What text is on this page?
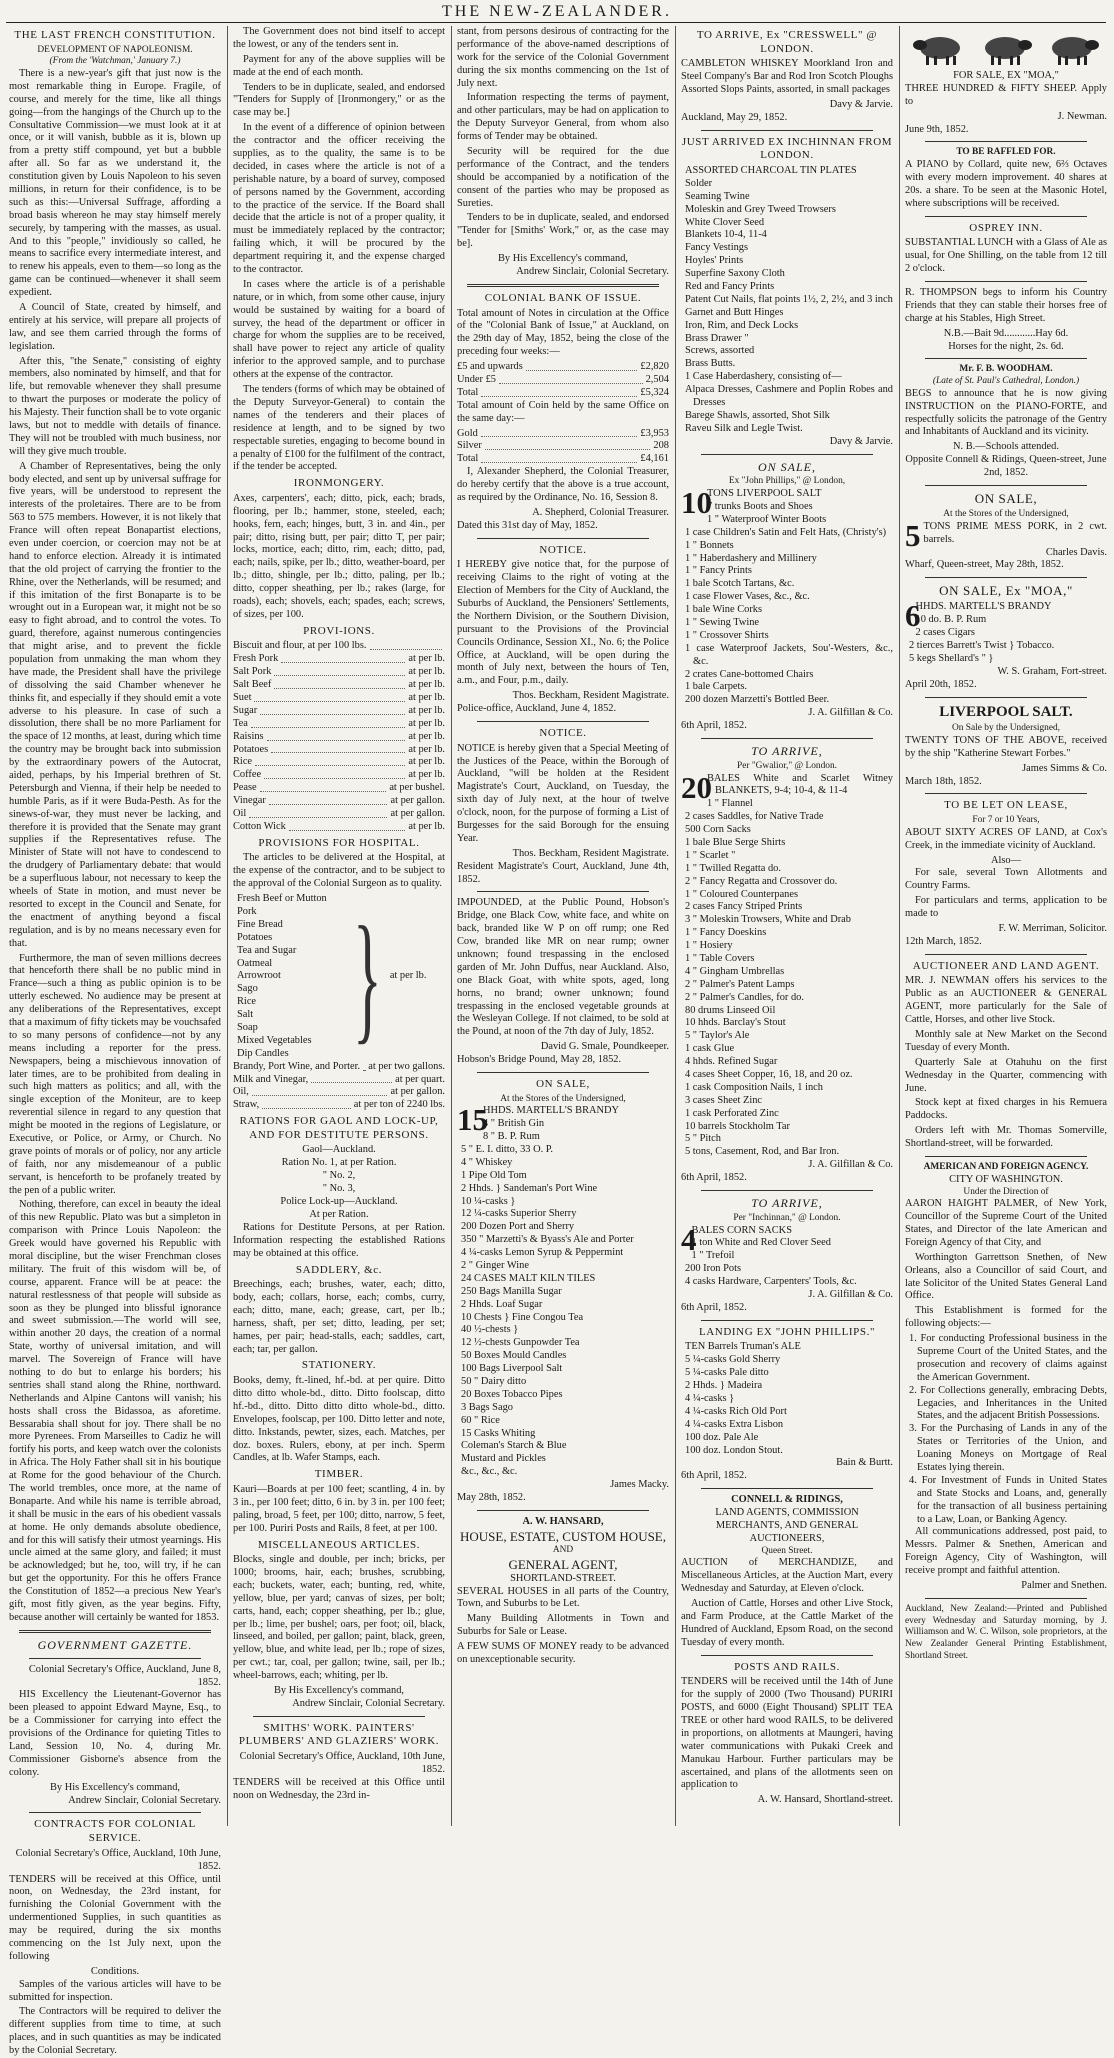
THE NEW-ZEALANDER.
THE LAST FRENCH CONSTITUTION.
DEVELOPMENT OF NAPOLEONISM.
(From the 'Watchman,' January 7.)

There is a new-year's gift that just now is the most remarkable thing in Europe. Fragile, of course, and merely for the time, like all things going—from the hangings of the Church up to the Consultative Commission—we must look at it at once, or it will vanish, bubble as it is, blown up from a pretty stiff compound, yet but a bubble after all. So far as we understand it, the constitution given by Louis Napoleon to his seven millions, in return for their confidence, is to be such as this:—Universal Suffrage, affording a broad basis whereon he may stay himself merely securely, by tampering with the masses, as usual. And to this "people," invidiously so called, he means to sacrifice every intermediate interest, and to renew his appeals, even to them—so long as the game can be continued—whenever it shall seem expedient.

A Council of State, created by himself, and entirely at his service, will prepare all projects of law, and see them carried through the forms of legislation.

After this, "the Senate," consisting of eighty members, also nominated by himself, and that for life, but removable whenever they shall presume to thwart the purposes or moderate the policy of his Majesty. Their function shall be to vote organic laws, but not to meddle with details of finance. They will not be troubled with much business, nor will they give much trouble.

A Chamber of Representatives, being the only body elected, and sent up by universal suffrage for five years, will be understood to represent the interests of the proletaires. There are to be from 563 to 575 members. However, it is not likely that France will often repeat Bonapartist elections, even under coercion, or coercion may not be at hand to enforce election. Already it is intimated that the old project of carrying the frontier to the Rhine, over the Netherlands, will be resumed; and if this imitation of the first Bonaparte is to be wrought out in a European war, it might not be so easy to fight abroad, and to control the votes. To guard, therefore, against numerous contingencies that might arise, and to prevent the fickle population from unmaking the man whom they have made, the President shall have the privilege of dissolving the said Chamber whenever he thinks fit, and especially if they should emit a vote adverse to his pleasure. In case of such a dissolution, there shall be no more Parliament for the space of 12 months, at least, during which time the country may be brought back into submission by the extraordinary powers of the Autocrat, aided, perhaps, by his Imperial brethren of St. Petersburgh and Vienna, if their help be needed to humble Paris, as if it were Buda-Pesth. As for the sinews-of-war, they must never be lacking, and therefore it is provided that the Senate may grant supplies if the Representatives refuse. The Minister of State will not have to condescend to the drudgery of Parliamentary debate: that would be a superfluous labour, not necessary to keep the wheels of State in motion, and must never be resorted to except in the Council and Senate, for the enactment of anything beyond a fiscal regulation, and is by no means necessary even for that.

Furthermore, the man of seven millions decrees that henceforth there shall be no public mind in France—such a thing as public opinion is to be utterly eschewed. No audience may be present at any deliberations of the Representatives, except that a maximum of fifty tickets may be vouchsafed to so many persons of confidence—not by any means including a reporter for the press. Newspapers, being a mischievous innovation of later times, are to be prohibited from dealing in such high matters as politics; and all, with the single exception of the Moniteur, are to keep reverential silence in regard to any question that might be mooted in the regions of Legislature, or Executive, or Police, or Army, or Church. No grave points of morals or of policy, nor any article of faith, nor any misdemeanour of a public servant, is henceforth to be profanely treated by the pen of a public writer.

Nothing, therefore, can excel in beauty the ideal of this new Republic. Plato was but a simpleton in comparison with Prince Louis Napoleon: the Greek would have governed his Republic with moral discipline, but the wiser Frenchman closes military. The fruit of this wisdom will be, of course, apparent. France will be at peace: the natural restlessness of that people will subside as soon as they be plunged into blissful ignorance and sweet submission.—The world will see, within another 20 days, the creation of a normal State, worthy of universal imitation, and will marvel. The Sovereign of France will have nothing to do but to enlarge his borders; his sentries shall stand along the Rhine, northward. Netherlands and Alpine Cantons will vanish; his hosts shall cross the Bidassoa, as aforetime. Bessarabia shall shout for joy. There shall be no more Pyrenees. From Marseilles to Cadiz he will fortify his ports, and keep watch over the colonists in Africa. The Holy Father shall sit in his boutique at Rome for the good behaviour of the Church. The world trembles, once more, at the name of Bonaparte. And while his name is terrible abroad, it shall be music in the ears of his obedient vassals at home. He only demands absolute obedience, and for this will satisfy their utmost yearnings. His uncle aimed at the same glory, and failed; it must be acknowledged; but he, too, will try, if he can but get the opportunity. For this he offers France the Constitution of 1852—a precious New Year's gift, most fitly given, as the year begins. Fifty, because another will certainly be wanted for 1853.

GOVERNMENT GAZETTE.
Colonial Secretary's Office, Auckland, June 8, 1852.

HIS Excellency the Lieutenant-Governor has been pleased to appoint Edward Mayne, Esq., to be a Commissioner for carrying into effect the provisions of the Ordinance for quieting Titles to Land, Session 10, No. 4, during Mr. Commissioner Gisborne's absence from the colony.

By His Excellency's command,
Andrew Sinclair, Colonial Secretary.
CONTRACTS FOR COLONIAL SERVICE.
Colonial Secretary's Office, Auckland, 10th June, 1852.

TENDERS will be received at this Office, until noon, on Wednesday, the 23rd instant, for furnishing the Colonial Government with the undermentioned Supplies, in such quantities as may be required, during the six months commencing on the 1st July next, upon the following

Conditions.

Samples of the various articles will have to be submitted for inspection.

The Contractors will be required to deliver the different supplies from time to time, at such places, and in such quantities as may be indicated by the Colonial Secretary.

The Government does not bind itself to accept the lowest, or any of the tenders sent in.

Payment for any of the above supplies will be made at the end of each month.

Tenders to be in duplicate, sealed, and endorsed "Tenders for Supply of [Ironmongery," or as the case may be.]

In the event of a difference of opinion between the contractor and the officer receiving the supplies, as to the quality, the same is to be decided, in cases where the article is not of a perishable nature, by a board of survey, composed of persons named by the Government, according to the practice of the service. If the Board shall decide that the article is not of a proper quality, it must be immediately replaced by the contractor; failing which, it will be procured by the department requiring it, and the expense charged to the contractor.

In cases where the article is of a perishable nature, or in which, from some other cause, injury would be sustained by waiting for a board of survey, the head of the department or officer in charge for whom the supplies are to be received, shall have power to reject any article of quality inferior to the approved sample, and to purchase others at the expense of the contractor.

The tenders (forms of which may be obtained of the Deputy Surveyor-General) to contain the names of the tenderers and their places of residence at length, and to be signed by two respectable sureties, engaging to become bound in a penalty of £100 for the fulfilment of the contract, if the tender be accepted.

IRONMONGERY.

Axes, carpenters', each; ditto, pick, each; brads, flooring, per lb.; hammer, stone, steeled, each; hooks, fern, each; hinges, butt, 3 in. and 4in., per pair; ditto, rising butt, per pair; ditto T, per pair; locks, mortice, each; ditto, rim, each; ditto, pad, each; nails, spike, per lb.; ditto, weather-board, per lb.; ditto, shingle, per lb.; ditto, paling, per lb.; ditto, copper sheathing, per lb.; rakes (large, for roads), each; shovels, each; spades, each; screws, of sizes, per 100.

PROVI-IONS.
Biscuit and flour, at per 100 lbs.
Fresh Pork	at per lb.
Salt Pork	at per lb.
Salt Beef	at per lb.
Suet	at per lb.
Sugar	at per lb.
Tea	at per lb.
Raisins	at per lb.
Potatoes	at per lb.
Rice	at per lb.
Coffee	at per lb.
Pease	at per bushel.
Vinegar	at per gallon.
Oil	at per gallon.
Cotton Wick	at per lb.
PROVISIONS FOR HOSPITAL.

The articles to be delivered at the Hospital, at the expense of the contractor, and to be subject to the approval of the Colonial Surgeon as to quality.

Fresh Beef or Mutton
Pork
Fine Bread
Potatoes
Tea and Sugar
Oatmeal
Arrowroot
Sago
Rice
Salt
Soap
Mixed Vegetables
Dip Candles	} at per lb.
Brandy, Port Wine, and Porter. at per two gallons.
Milk and Vinegar,	at per quart.
Oil,	at per gallon.
Straw,	at per ton of 2240 lbs.
RATIONS FOR GAOL AND LOCK-UP, AND FOR DESTITUTE PERSONS.
Gaol—Auckland.
Ration No. 1, at per Ration.
" No. 2,
" No. 3,
Police Lock-up—Auckland.
At per Ration.

Rations for Destitute Persons, at per Ration. Information respecting the established Rations may be obtained at this office.

SADDLERY, &c.

Breechings, each; brushes, water, each; ditto, body, each; collars, horse, each; combs, curry, each; ditto, mane, each; grease, cart, per lb.; harness, shaft, per set; ditto, leading, per set; hames, per pair; head-stalls, each; saddles, cart, each; tar, per gallon.

STATIONERY.

Books, demy, ft.-lined, hf.-bd. at per quire. Ditto ditto ditto whole-bd., ditto. Ditto foolscap, ditto hf.-bd., ditto. Ditto ditto ditto whole-bd., ditto. Envelopes, foolscap, per 100. Ditto letter and note, ditto. Inkstands, pewter, sizes, each. Matches, per doz. boxes. Rulers, ebony, at per inch. Sperm Candles, at lb. Wafer Stamps, each.

TIMBER.

Kauri—Boards at per 100 feet; scantling, 4 in. by 3 in., per 100 feet; ditto, 6 in. by 3 in. per 100 feet; paling, broad, 5 feet, per 100; ditto, narrow, 5 feet, per 100. Puriri Posts and Rails, 8 feet, at per 100.

MISCELLANEOUS ARTICLES.

Blocks, single and double, per inch; bricks, per 1000; brooms, hair, each; brushes, scrubbing, each; buckets, water, each; bunting, red, white, yellow, blue, per yard; canvas of sizes, per bolt; carts, hand, each; copper sheathing, per lb.; glue, per lb.; lime, per bushel; oars, per foot; oil, black, linseed, and boiled, per gallon; paint, black, green, yellow, blue, and white lead, per lb.; rope of sizes, per cwt.; tar, coal, per gallon; twine, sail, per lb.; wheel-barrows, each; whiting, per lb.

By His Excellency's command,
Andrew Sinclair, Colonial Secretary.
SMITHS' WORK. PAINTERS' PLUMBERS' AND GLAZIERS' WORK.
Colonial Secretary's Office, Auckland, 10th June, 1852.

TENDERS will be received at this Office until noon on Wednesday, the 23rd in-

stant, from persons desirous of contracting for the performance of the above-named descriptions of work for the service of the Colonial Government during the six months commencing on the 1st of July next.

Information respecting the terms of payment, and other particulars, may be had on application to the Deputy Surveyor General, from whom also forms of Tender may be obtained.

Security will be required for the due performance of the Contract, and the tenders should be accompanied by a notification of the consent of the parties who may be proposed as Sureties.

Tenders to be in duplicate, sealed, and endorsed "Tender for [Smiths' Work," or, as the case may be].

By His Excellency's command,
Andrew Sinclair, Colonial Secretary.
COLONIAL BANK OF ISSUE.

Total amount of Notes in circulation at the Office of the "Colonial Bank of Issue," at Auckland, on the 29th day of May, 1852, being the close of the preceding four weeks:—

£5 and upwards	£2,820
Under £5	2,504
Total	£5,324

Total amount of Coin held by the same Office on the same day:—

Gold	£3,953
Silver	208
Total	£4,161

I, Alexander Shepherd, the Colonial Treasurer, do hereby certify that the above is a true account, as required by the Ordinance, No. 16, Session 8.

A. Shepherd, Colonial Treasurer.
Dated this 31st day of May, 1852.
NOTICE.

I HEREBY give notice that, for the purpose of receiving Claims to the right of voting at the Election of Members for the City of Auckland, the Suburbs of Auckland, the Pensioners' Settlements, the Northern Division, or the Southern Division, pursuant to the Provisions of the Provincial Councils Ordinance, Session XI., No. 6; the Police Office, at Auckland, will be open during the month of July next, between the hours of Ten, a.m., and Four, p.m., daily.

Thos. Beckham, Resident Magistrate.
Police-office, Auckland, June 4, 1852.
NOTICE.

NOTICE is hereby given that a Special Meeting of the Justices of the Peace, within the Borough of Auckland, "will be holden at the Resident Magistrate's Court, Auckland, on Tuesday, the sixth day of July next, at the hour of twelve o'clock, noon, for the purpose of forming a List of Burgesses for the said Borough for the ensuing Year.

Thos. Beckham, Resident Magistrate.
Resident Magistrate's Court, Auckland, June 4th, 1852.

IMPOUNDED, at the Public Pound, Hobson's Bridge, one Black Cow, white face, and white on back, branded like W P on off rump; one Red Cow, branded like MR on near rump; owner unknown; found trespassing in the enclosed garden of Mr. John Duffus, near Auckland. Also, one Black Goat, with white spots, aged, long horns, no brand; owner unknown; found trespassing in the enclosed vegetable grounds at the Wesleyan College. If not claimed, to be sold at the Pound, at noon of the 7th day of July, 1852.

David G. Smale, Poundkeeper.
Hobson's Bridge Pound, May 28, 1852.
ON SALE,
At the Stores of the Undersigned,
15
HHDS. MARTELL'S BRANDY
4 " British Gin
8 " B. P. Rum
5 " E. I. ditto, 33 O. P.
4 " Whiskey
1 Pipe Old Tom
2 Hhds. } Sandeman's Port Wine
10 ¼-casks }
12 ¼-casks Superior Sherry
200 Dozen Port and Sherry
350 " Marzetti's & Byass's Ale and Porter
4 ¼-casks Lemon Syrup & Peppermint
2 " Ginger Wine
24 CASES MALT KILN TILES
250 Bags Manilla Sugar
2 Hhds. Loaf Sugar
10 Chests } Fine Congou Tea
40 ½-chests }
12 ½-chests Gunpowder Tea
50 Boxes Mould Candles
100 Bags Liverpool Salt
50 " Dairy ditto
20 Boxes Tobacco Pipes
3 Bags Sago
60 " Rice
15 Casks Whiting
Coleman's Starch & Blue
Mustard and Pickles
&c., &c., &c.
James Macky.
May 28th, 1852.
A. W. HANSARD,
HOUSE, ESTATE, CUSTOM HOUSE,
AND
GENERAL AGENT,
SHORTLAND-STREET.

SEVERAL HOUSES in all parts of the Country, Town, and Suburbs to be Let.

Many Building Allotments in Town and Suburbs for Sale or Lease.

A FEW SUMS OF MONEY ready to be advanced on unexceptionable security.

TO ARRIVE, Ex "CRESSWELL" @ LONDON.

CAMBLETON WHISKEY Moorkland Iron and Steel Company's Bar and Rod Iron Scotch Ploughs Assorted Slops Paints, assorted, in small packages

Davy & Jarvie.
Auckland, May 29, 1852.
JUST ARRIVED EX INCHINNAN FROM LONDON.
ASSORTED CHARCOAL TIN PLATES
Solder
Seaming Twine
Moleskin and Grey Tweed Trowsers
White Clover Seed
Blankets 10-4, 11-4
Fancy Vestings
Hoyles' Prints
Superfine Saxony Cloth
Red and Fancy Prints
Patent Cut Nails, flat points 1½, 2, 2½, and 3 inch
Garnet and Butt Hinges
Iron, Rim, and Deck Locks
Brass Drawer "
Screws, assorted
Brass Butts.
1 Case Haberdashery, consisting of—
Alpaca Dresses, Cashmere and Poplin Robes and Dresses
Barege Shawls, assorted, Shot Silk
Raveu Silk and Legle Twist.
Davy & Jarvie.
ON SALE,
Ex "John Phillips," @ London,
10
TONS LIVERPOOL SALT
7 trunks Boots and Shoes
1 " Waterproof Winter Boots
1 case Children's Satin and Felt Hats, (Christy's)
1 " Bonnets
1 " Haberdashery and Millinery
1 " Fancy Prints
1 bale Scotch Tartans, &c.
1 case Flower Vases, &c., &c.
1 bale Wine Corks
1 " Sewing Twine
1 " Crossover Shirts
1 case Waterproof Jackets, Sou'-Westers, &c., &c.
2 crates Cane-bottomed Chairs
1 bale Carpets.
200 dozen Marzetti's Bottled Beer.
J. A. Gilfillan & Co.
6th April, 1852.
TO ARRIVE,
Per "Gwalior," @ London.
20
BALES White and Scarlet Witney BLANKETS, 9-4; 10-4, & 11-4
1 " Flannel
2 cases Saddles, for Native Trade
500 Corn Sacks
1 bale Blue Serge Shirts
1 " Scarlet "
1 " Twilled Regatta do.
2 " Fancy Regatta and Crossover do.
1 " Coloured Counterpanes
2 cases Fancy Striped Prints
3 " Moleskin Trowsers, White and Drab
1 " Fancy Doeskins
1 " Hosiery
1 " Table Covers
4 " Gingham Umbrellas
2 " Palmer's Patent Lamps
2 " Palmer's Candles, for do.
80 drums Linseed Oil
10 hhds. Barclay's Stout
5 " Taylor's Ale
1 cask Glue
4 hhds. Refined Sugar
4 cases Sheet Copper, 16, 18, and 20 oz.
1 cask Composition Nails, 1 inch
3 cases Sheet Zinc
1 cask Perforated Zinc
10 barrels Stockholm Tar
5 " Pitch
5 tons, Casement, Rod, and Bar Iron.
J. A. Gilfillan & Co.
6th April, 1852.
TO ARRIVE,
Per "Inchinnan," @ London.
4
BALES CORN SACKS
1 ton White and Red Clover Seed
1 " Trefoil
200 Iron Pots
4 casks Hardware, Carpenters' Tools, &c.
J. A. Gilfillan & Co.
6th April, 1852.
LANDING EX "JOHN PHILLIPS."
TEN Barrels Truman's ALE
5 ¼-casks Gold Sherry
5 ¼-casks Pale ditto
2 Hhds. } Madeira
4 ¼-casks }
4 ¼-casks Rich Old Port
4 ¼-casks Extra Lisbon
100 doz. Pale Ale
100 doz. London Stout.
Bain & Burtt.
6th April, 1852.
CONNELL & RIDINGS,
LAND AGENTS, COMMISSION MERCHANTS, AND GENERAL AUCTIONEERS,
Queen Street.

AUCTION of MERCHANDIZE, and Miscellaneous Articles, at the Auction Mart, every Wednesday and Saturday, at Eleven o'clock.

Auction of Cattle, Horses and other Live Stock, and Farm Produce, at the Cattle Market of the Hundred of Auckland, Epsom Road, on the second Tuesday of every month.

POSTS AND RAILS.

TENDERS will be received until the 14th of June for the supply of 2000 (Two Thousand) PURIRI POSTS, and 6000 (Eight Thousand) SPLIT TEA TREE or other hard wood RAILS, to be delivered in proportions, on allotments at Maungeri, having water communications with Pukaki Creek and Manukau Harbour. Further particulars may be ascertained, and plans of the allotments seen on application to

A. W. Hansard, Shortland-street.
FOR SALE, EX "MOA,"

THREE HUNDRED & FIFTY SHEEP. Apply to

J. Newman.
June 9th, 1852.
TO BE RAFFLED FOR.

A PIANO by Collard, quite new, 6⅔ Octaves with every modern improvement. 40 shares at 20s. a share. To be seen at the Masonic Hotel, where subscriptions will be received.

OSPREY INN.

SUBSTANTIAL LUNCH with a Glass of Ale as usual, for One Shilling, on the table from 12 till 2 o'clock.

R. THOMPSON begs to inform his Country Friends that they can stable their horses free of charge at his Stables, High Street.

N.B.—Bait 9d............Hay 6d.
Horses for the night, 2s. 6d.
Mr. F. B. WOODHAM.
(Late of St. Paul's Cathedral, London.)

BEGS to announce that he is now giving INSTRUCTION on the PIANO-FORTE, and respectfully solicits the patronage of the Gentry and Inhabitants of Auckland and its vicinity.

N. B.—Schools attended.
Opposite Connell & Ridings, Queen-street, June 2nd, 1852.
ON SALE,
At the Stores of the Undersigned,
5 TONS PRIME MESS PORK, in 2 cwt. barrels.
Charles Davis.
Wharf, Queen-street, May 28th, 1852.
ON SALE, Ex "MOA,"
6
HHDS. MARTELL'S BRANDY
10 do. B. P. Rum
2 cases Cigars
2 tierces Barrett's Twist } Tobacco.
5 kegs Shellard's " }
W. S. Graham, Fort-street.
April 20th, 1852.
LIVERPOOL SALT.
On Sale by the Undersigned,

TWENTY TONS OF THE ABOVE, received by the ship "Katherine Stewart Forbes."

James Simms & Co.
March 18th, 1852.
TO BE LET ON LEASE,
For 7 or 10 Years,

ABOUT SIXTY ACRES OF LAND, at Cox's Creek, in the immediate vicinity of Auckland.

Also—

For sale, several Town Allotments and Country Farms.

For particulars and terms, application to be made to

F. W. Merriman, Solicitor.
12th March, 1852.
AUCTIONEER AND LAND AGENT.

MR. J. NEWMAN offers his services to the Public as an AUCTIONEER & GENERAL AGENT, more particularly for the Sale of Cattle, Horses, and other live Stock.

Monthly sale at New Market on the Second Tuesday of every Month.

Quarterly Sale at Otahuhu on the first Wednesday in the Quarter, commencing with June.

Stock kept at fixed charges in his Remuera Paddocks.

Orders left with Mr. Thomas Somerville, Shortland-street, will be forwarded.

AMERICAN AND FOREIGN AGENCY.
CITY OF WASHINGTON.
Under the Direction of

AARON HAIGHT PALMER, of New York, Councillor of the Supreme Court of the United States, and Director of the late American and Foreign Agency of that City, and

Worthington Garrettson Snethen, of New Orleans, also a Councillor of said Court, and late Solicitor of the United States General Land Office.

This Establishment is formed for the following objects:—

1. For conducting Professional business in the Supreme Court of the United States, and the prosecution and recovery of claims against the American Government.
2. For Collections generally, embracing Debts, Legacies, and Inheritances in the United States, and the adjacent British Possessions.
3. For the Purchasing of Lands in any of the States or Territories of the Union, and Loaning Moneys on Mortgage of Real Estates lying therein.
4. For Investment of Funds in United States and State Stocks and Loans, and, generally for the transaction of all business pertaining to a Law, Loan, or Banking Agency.

All communications addressed, post paid, to Messrs. Palmer & Snethen, American and Foreign Agency, City of Washington, will receive prompt and faithful attention.

Palmer and Snethen.

Auckland, New Zealand:—Printed and Published every Wednesday and Saturday morning, by J. Williamson and W. C. Wilson, sole proprietors, at the New Zealander General Printing Establishment, Shortland Street.
